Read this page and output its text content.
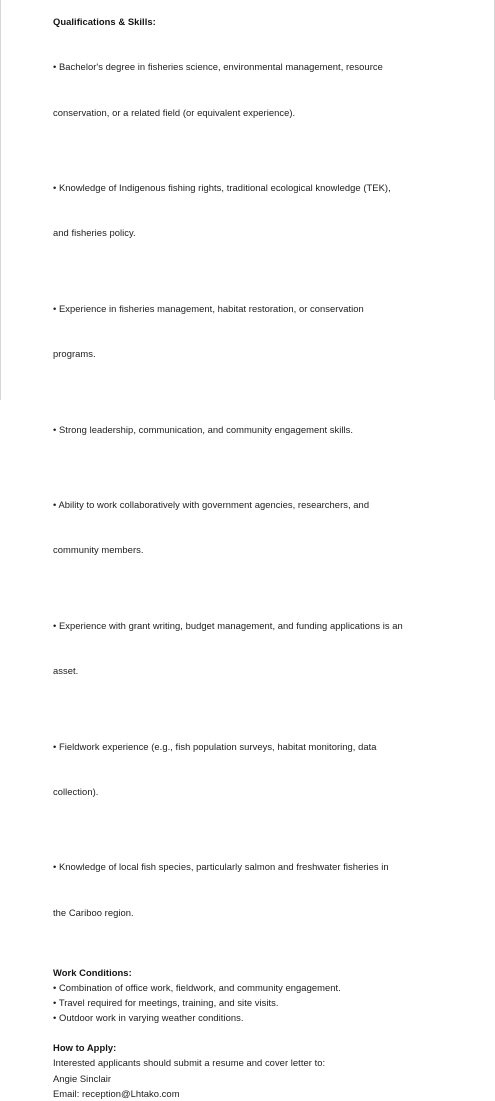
Qualifications & Skills:

• Bachelor's degree in fisheries science, environmental management, resource

conservation, or a related field (or equivalent experience).

• Knowledge of Indigenous fishing rights, traditional ecological knowledge (TEK),

and fisheries policy.

• Experience in fisheries management, habitat restoration, or conservation

programs.

• Strong leadership, communication, and community engagement skills.

• Ability to work collaboratively with government agencies, researchers, and

community members.

• Experience with grant writing, budget management, and funding applications is an

asset.

• Fieldwork experience (e.g., fish population surveys, habitat monitoring, data

collection).

• Knowledge of local fish species, particularly salmon and freshwater fisheries in

the Cariboo region.

Work Conditions:
• Combination of office work, fieldwork, and community engagement.
• Travel required for meetings, training, and site visits.
• Outdoor work in varying weather conditions.
How to Apply:
Interested applicants should submit a resume and cover letter to:
Angie Sinclair
Email: reception@Lhtako.com
